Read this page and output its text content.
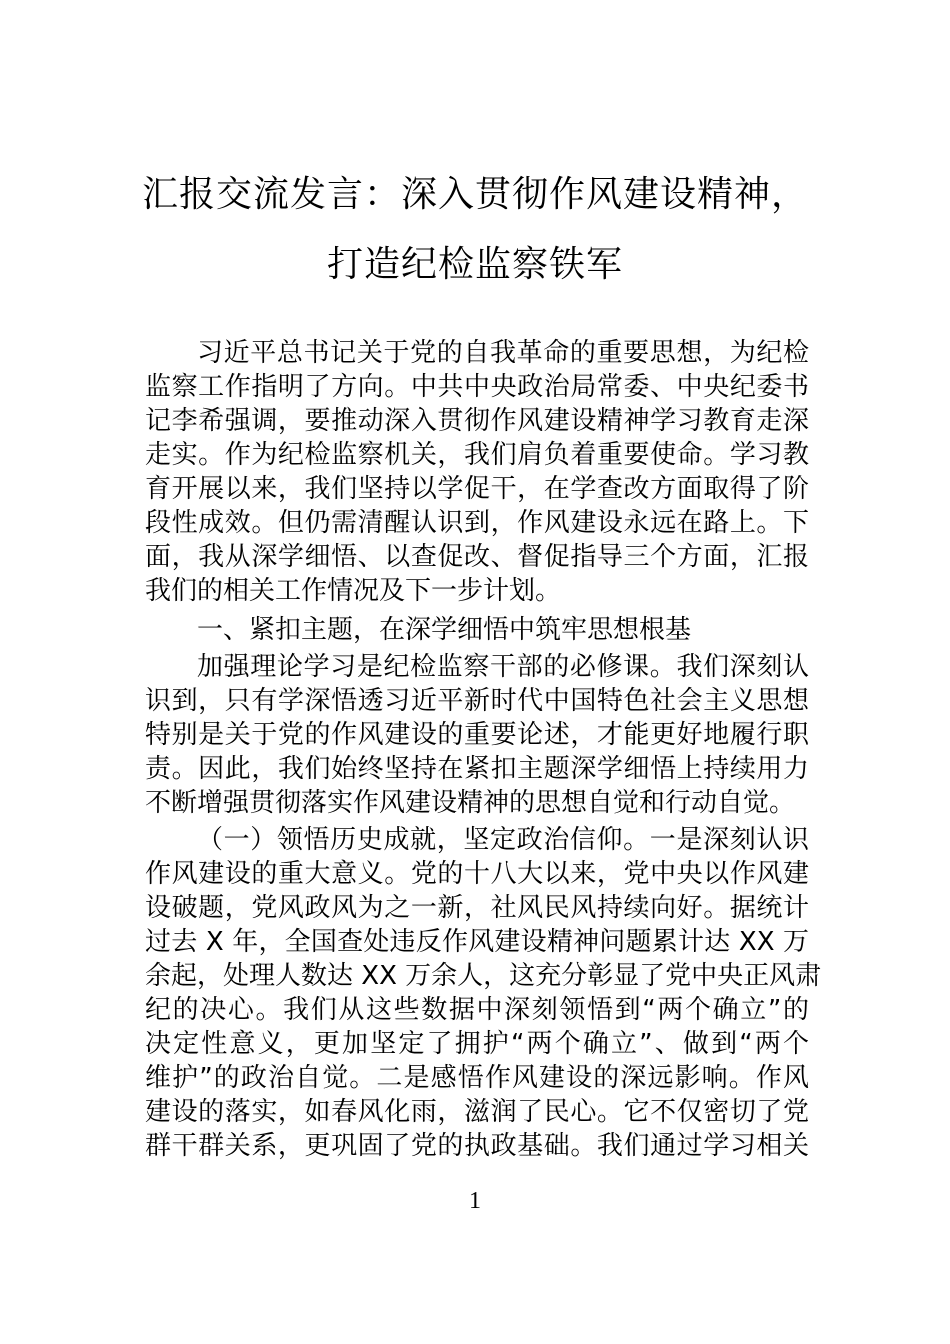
汇报交流发言：深入贯彻作风建设精神，
打造纪检监察铁军
习近平总书记关于党的自我革命的重要思想，为纪检
监察工作指明了方向。中共中央政治局常委、中央纪委书
记李希强调，要推动深入贯彻作风建设精神学习教育走深
走实。作为纪检监察机关，我们肩负着重要使命。学习教
育开展以来，我们坚持以学促干，在学查改方面取得了阶
段性成效。但仍需清醒认识到，作风建设永远在路上。下
面，我从深学细悟、以查促改、督促指导三个方面，汇报
我们的相关工作情况及下一步计划。
一、紧扣主题，在深学细悟中筑牢思想根基
加强理论学习是纪检监察干部的必修课。我们深刻认
识到，只有学深悟透习近平新时代中国特色社会主义思想
特别是关于党的作风建设的重要论述，才能更好地履行职
责。因此，我们始终坚持在紧扣主题深学细悟上持续用力
不断增强贯彻落实作风建设精神的思想自觉和行动自觉。
（一）领悟历史成就，坚定政治信仰。一是深刻认识
作风建设的重大意义。党的十八大以来，党中央以作风建
设破题，党风政风为之一新，社风民风持续向好。据统计
过去 X 年，全国查处违反作风建设精神问题累计达 XX 万
余起，处理人数达 XX 万余人，这充分彰显了党中央正风肃
纪的决心。我们从这些数据中深刻领悟到“两个确立”的
决定性意义，更加坚定了拥护“两个确立”、做到“两个
维护”的政治自觉。二是感悟作风建设的深远影响。作风
建设的落实，如春风化雨，滋润了民心。它不仅密切了党
群干群关系，更巩固了党的执政基础。我们通过学习相关
1
